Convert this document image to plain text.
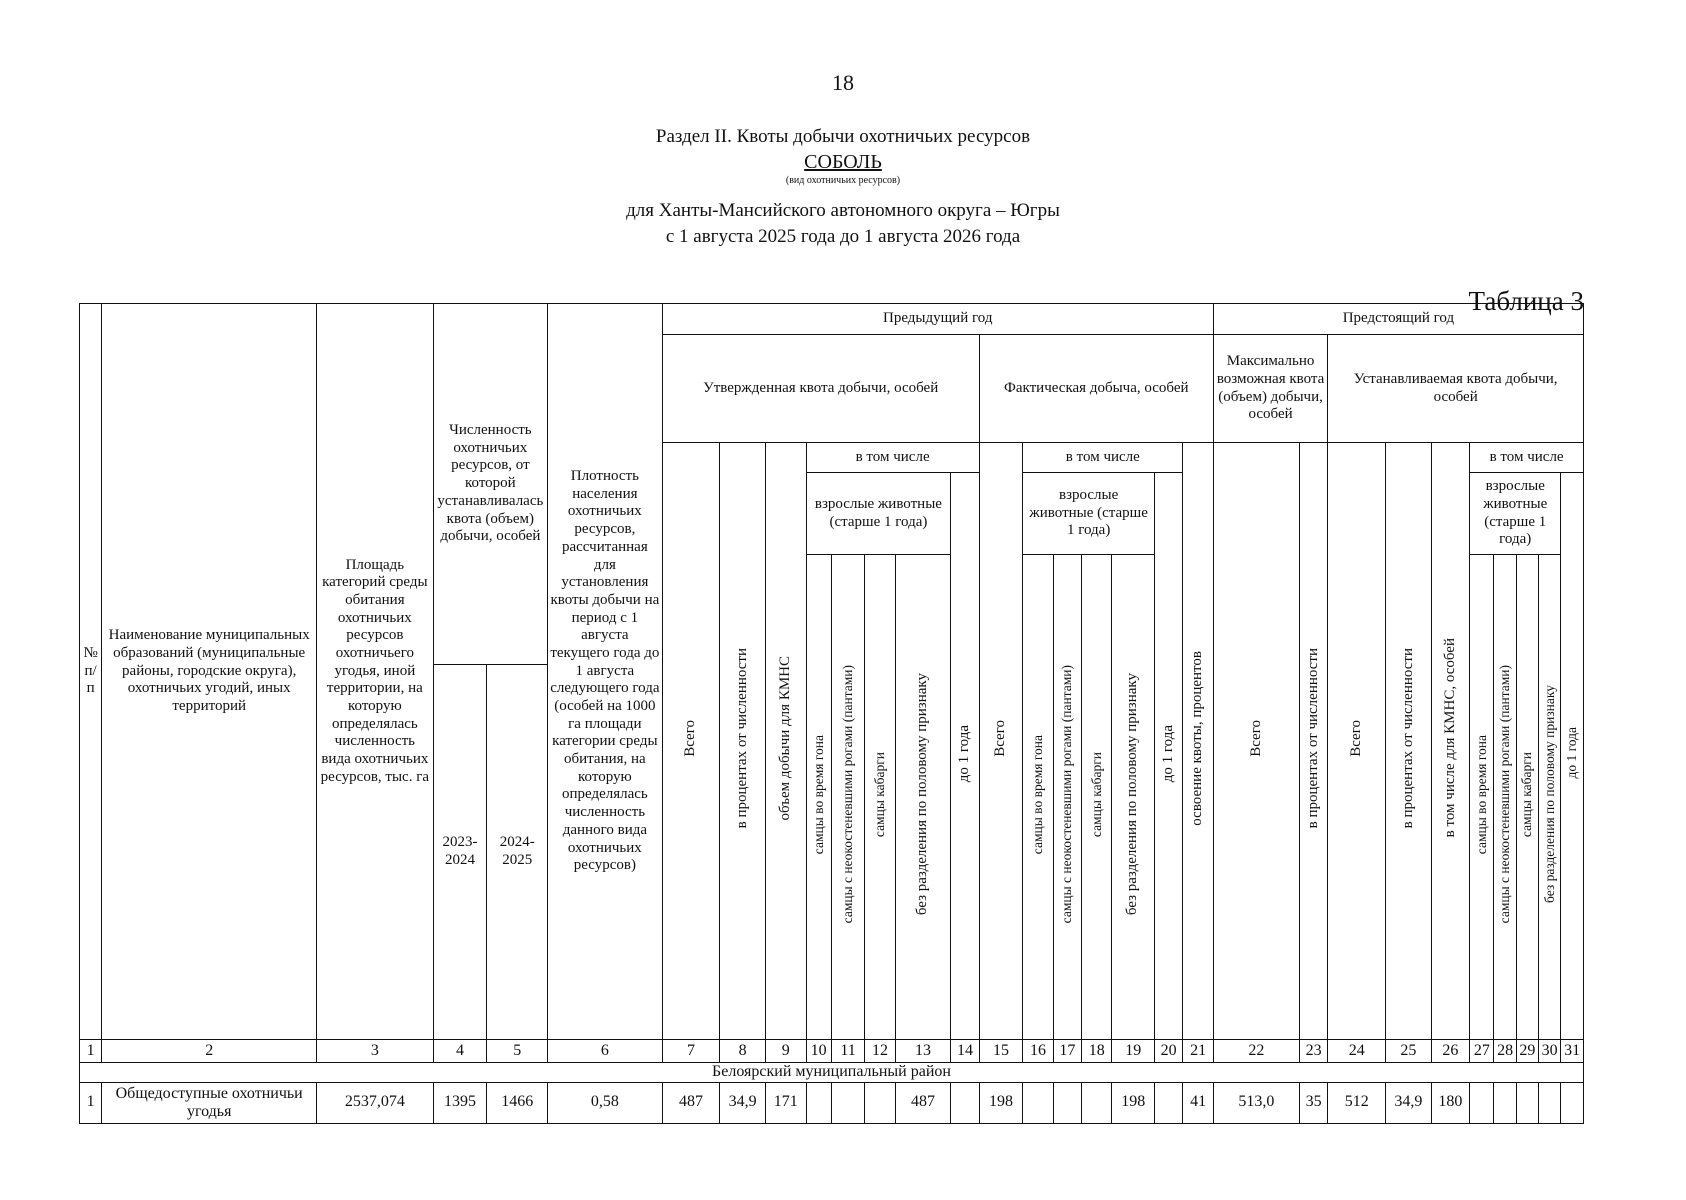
18
Раздел II. Квоты добычи охотничьих ресурсов
СОБОЛЬ
(вид охотничьих ресурсов)
для Ханты-Мансийского автономного округа – Югры
с 1 августа 2025 года до 1 августа 2026 года
Таблица 3
№ п/п	Наименование муниципальных образований (муниципальные районы, городские округа), охотничьих угодий, иных территорий	Площадь категорий среды обитания охотничьих ресурсов охотничьего угодья, иной территории, на которую определялась численность вида охотничьих ресурсов, тыс. га	Численность охотничьих ресурсов, от которой устанавливалась квота (объем) добычи, особей		Плотность населения охотничьих ресурсов, рассчитанная для установления квоты добычи на период с 1 августа текущего года до 1 августа следующего года (особей на 1000 га площади категории среды обитания, на которую определялась численность данного вида охотничьих ресурсов)	Предыдущий год															Предстоящий год									

						Утвержденная квота добычи, особей								Фактическая добыча, особей							Максимально возможная квота (объем) добычи, особей		Устанавливаемая квота добычи, особей							

						Всего	в процентах от численности	объем добычи для КМНС	в том числе					Всего	в том числе					освоение квоты, процентов	Всего	в процентах от численности	Всего	в процентах от численности	в том числе для КМНС, особей	в том числе				

									взрослые животные (старше 1 года)				до 1 года		взрослые животные (старше 1 года)				до 1 года							взрослые животные (старше 1 года)				до 1 года
									самцы во время гона	самцы с неокостеневшими рогами (пантами)	самцы кабарги	без разделения по половому признаку			самцы во время гона	самцы с неокостеневшими рогами (пантами)	самцы кабарги	без разделения по половому признаку								самцы во время гона	самцы с неокостеневшими рогами (пантами)	самцы кабарги	без разделения по половому признаку	

			2023-2024	2024-2025																										

1	2	3	4	5	6	7	8	9	10	11	12	13	14	15	16	17	18	19	20	21	22	23	24	25	26	27	28	29	30	31
Белоярский муниципальный район																														
1	Общедоступные охотничьи угодья	2537,074	1395	1466	0,58	487	34,9	171				487		198				198		41	513,0	35	512	34,9	180					
